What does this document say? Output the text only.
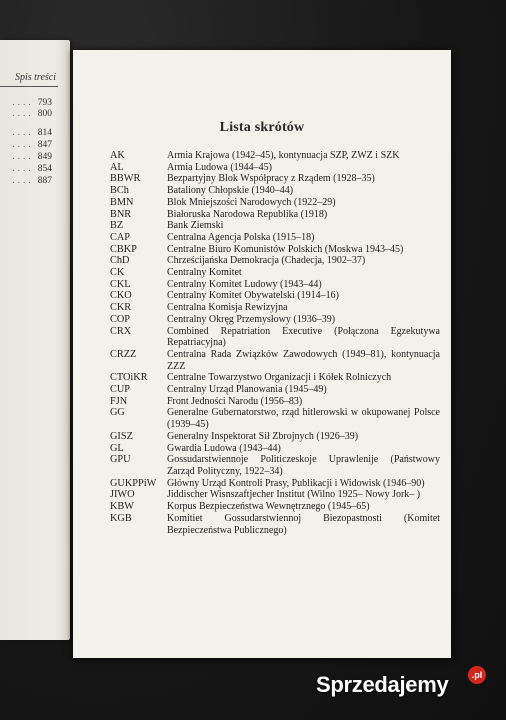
Spis treści
.... 793
.... 800
.... 814
.... 847
.... 849
.... 854
.... 887
Lista skrótów
AK	Armia Krajowa (1942–45), kontynuacja SZP, ZWZ i SZK
AL	Armia Ludowa (1944–45)
BBWR	Bezpartyjny Blok Współpracy z Rządem (1928–35)
BCh	Bataliony Chłopskie (1940–44)
BMN	Blok Mniejszości Narodowych (1922–29)
BNR	Białoruska Narodowa Republika (1918)
BZ	Bank Ziemski
CAP	Centralna Agencja Polska (1915–18)
CBKP	Centralne Biuro Komunistów Polskich (Moskwa 1943–45)
ChD	Chrześcijańska Demokracja (Chadecja, 1902–37)
CK	Centralny Komitet
CKL	Centralny Komitet Ludowy (1943–44)
CKO	Centralny Komitet Obywatelski (1914–16)
CKR	Centralna Komisja Rewizyjna
COP	Centralny Okręg Przemysłowy (1936–39)
CRX	Combined Repatriation Executive (Połączona Egzekutywa Repatriacyjna)
CRZZ	Centralna Rada Związków Zawodowych (1949–81), kontynuacja ZZZ
CTOiKR	Centralne Towarzystwo Organizacji i Kółek Rolniczych
CUP	Centralny Urząd Planowania (1945–49)
FJN	Front Jedności Narodu (1956–83)
GG	Generalne Gubernatorstwo, rząd hitlerowski w okupowanej Polsce (1939–45)
GISZ	Generalny Inspektorat Sił Zbrojnych (1926–39)
GL	Gwardia Ludowa (1943–44)
GPU	Gossudarstwiennoje Politiczeskoje Uprawlenije (Państwowy Zarząd Polityczny, 1922–34)
GUKPPiW	Główny Urząd Kontroli Prasy, Publikacji i Widowisk (1946–90)
JIWO	Jiddischer Wisnszaftjecher Institut (Wilno 1925– Nowy Jork– )
KBW	Korpus Bezpieczeństwa Wewnętrznego (1945–65)
KGB	Komitiet Gossudarstwiennoj Biezopastnosti (Komitet Bezpieczeństwa Publicznego)
Sprzedajemy	.pl
